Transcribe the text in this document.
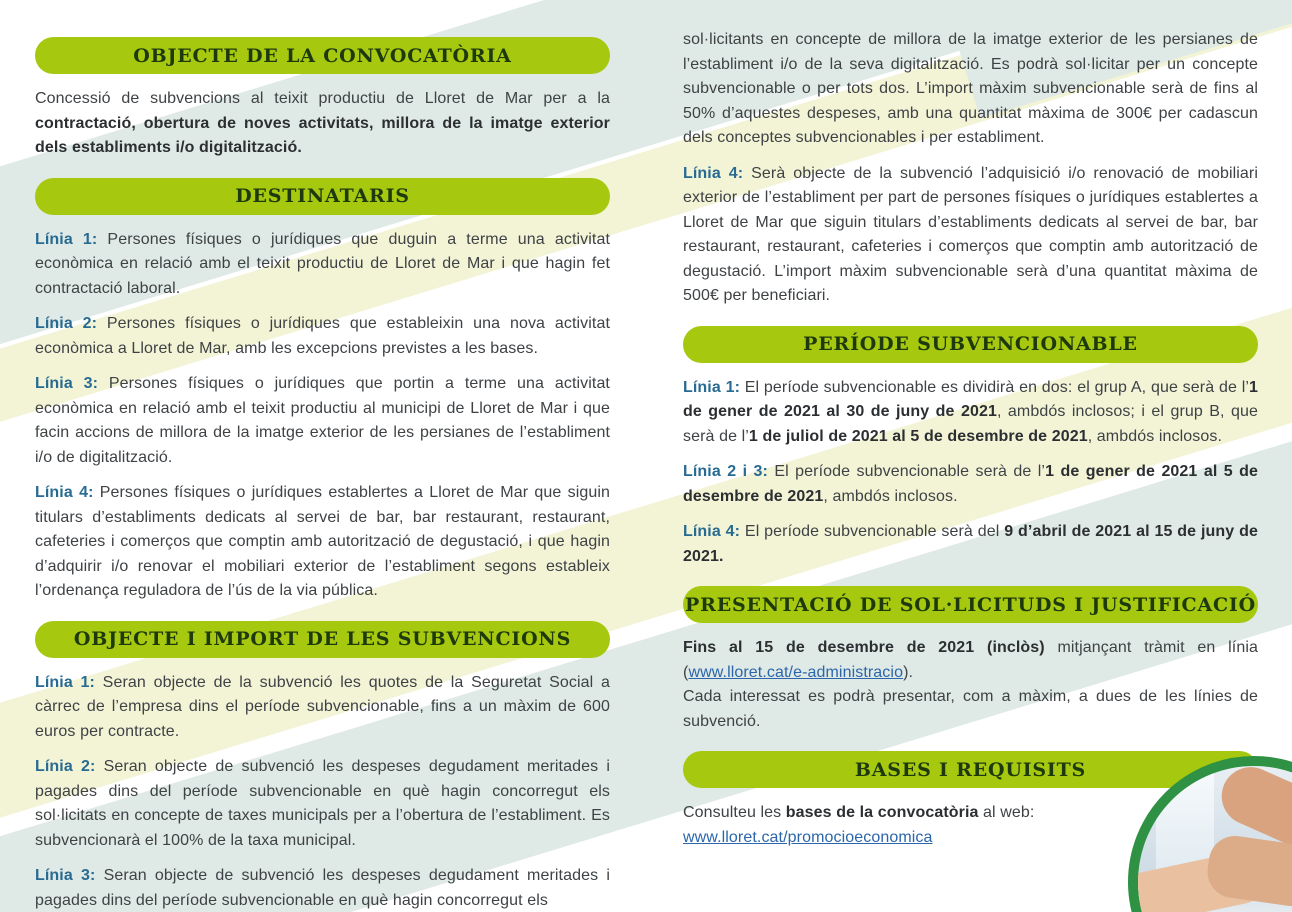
OBJECTE DE LA CONVOCATÒRIA

Concessió de subvencions al teixit productiu de Lloret de Mar per a la contractació, obertura de noves activitats, millora de la imatge exterior dels establiments i/o digitalització.

DESTINATARIS

Línia 1: Persones físiques o jurídiques que duguin a terme una activitat econòmica en relació amb el teixit productiu de Lloret de Mar i que hagin fet contractació laboral.

Línia 2: Persones físiques o jurídiques que estableixin una nova activitat econòmica a Lloret de Mar, amb les excepcions previstes a les bases.

Línia 3: Persones físiques o jurídiques que portin a terme una activitat econòmica en relació amb el teixit productiu al municipi de Lloret de Mar i que facin accions de millora de la imatge exterior de les persianes de l’establiment i/o de digitalització.

Línia 4: Persones físiques o jurídiques establertes a Lloret de Mar que siguin titulars d’establiments dedicats al servei de bar, bar restaurant, restaurant, cafeteries i comerços que comptin amb autorització de degustació, i que hagin d’adquirir i/o renovar el mobiliari exterior de l’establiment segons estableix l’ordenança reguladora de l’ús de la via pública.

OBJECTE I IMPORT DE LES SUBVENCIONS

Línia 1: Seran objecte de la subvenció les quotes de la Seguretat Social a càrrec de l’empresa dins el període subvencionable, fins a un màxim de 600 euros per contracte.

Línia 2: Seran objecte de subvenció les despeses degudament meritades i pagades dins del període subvencionable en què hagin concorregut els sol·licitats en concepte de taxes municipals per a l’obertura de l’establiment. Es subvencionarà el 100% de la taxa municipal.

Línia 3: Seran objecte de subvenció les despeses degudament meritades i pagades dins del període subvencionable en què hagin concorregut els

sol·licitants en concepte de millora de la imatge exterior de les persianes de l’establiment i/o de la seva digitalització. Es podrà sol·licitar per un concepte subvencionable o per tots dos. L’import màxim subvencionable serà de fins al 50% d’aquestes despeses, amb una quantitat màxima de 300€ per cadascun dels conceptes subvencionables i per establiment.

Línia 4: Serà objecte de la subvenció l’adquisició i/o renovació de mobiliari exterior de l’establiment per part de persones físiques o jurídiques establertes a Lloret de Mar que siguin titulars d’establiments dedicats al servei de bar, bar restaurant, restaurant, cafeteries i comerços que comptin amb autorització de degustació. L’import màxim subvencionable serà d’una quantitat màxima de 500€ per beneficiari.

PERÍODE SUBVENCIONABLE

Línia 1: El període subvencionable es dividirà en dos: el grup A, que serà de l’1 de gener de 2021 al 30 de juny de 2021, ambdós inclosos; i el grup B, que serà de l’1 de juliol de 2021 al 5 de desembre de 2021, ambdós inclosos.

Línia 2 i 3: El període subvencionable serà de l’1 de gener de 2021 al 5 de desembre de 2021, ambdós inclosos.

Línia 4: El període subvencionable serà del 9 d’abril de 2021 al 15 de juny de 2021.

PRESENTACIÓ DE SOL·LICITUDS I JUSTIFICACIÓ

Fins al 15 de desembre de 2021 (inclòs) mitjançant tràmit en línia (www.lloret.cat/e-administracio).
Cada interessat es podrà presentar, com a màxim, a dues de les línies de subvenció.

BASES I REQUISITS

Consulteu les bases de la convocatòria al web:
www.lloret.cat/promocioeconomica
